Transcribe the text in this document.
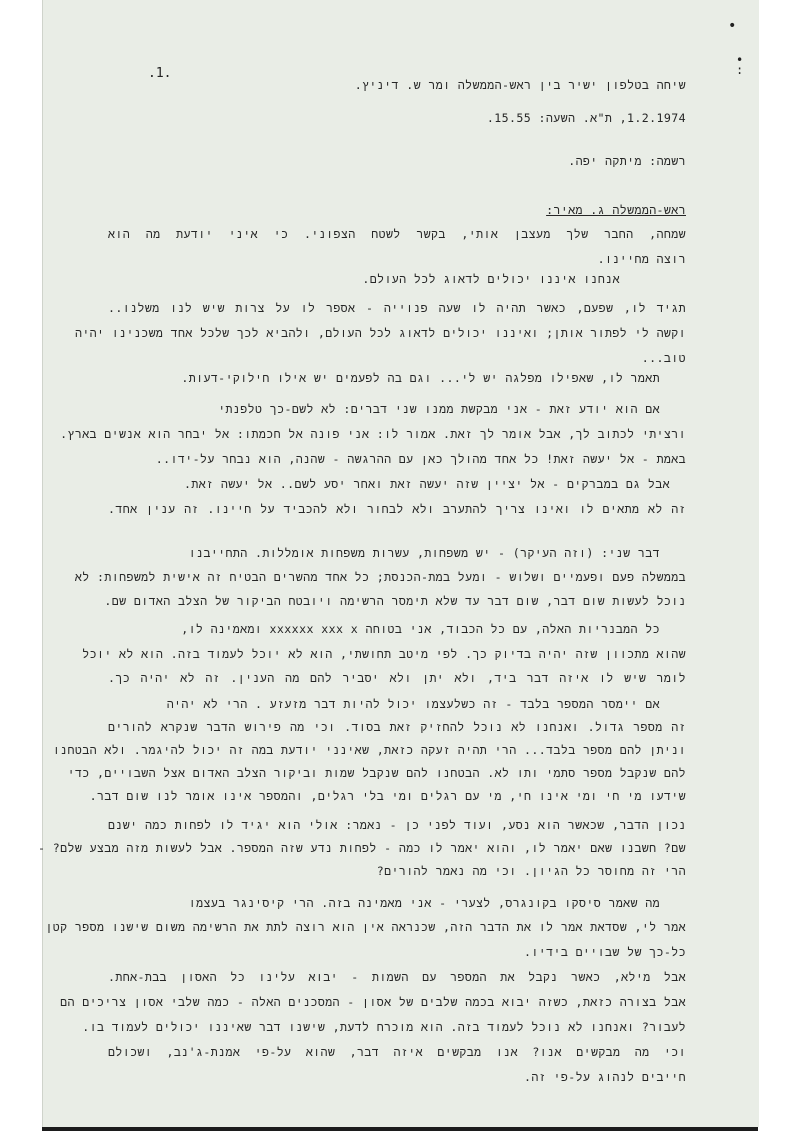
•
•
:
.1.
שיחה בטלפון ישיר בין ראש-הממשלה ומר ש. דיניץ.
1.2.1974, ת"א. השעה: 15.55.
רשמה: מיתקה יפה.
ראש-הממשלה ג. מאיר:
שמחה, החבר שלך מעצבן אותי, בקשר לשטח הצפוני. כי איני יודעת מה הוא
רוצה מחיינו.
אנחנו איננו יכולים לדאוג לכל העולם.
תגיד לו, שפעם, כאשר תהיה לו שעה פנוייה - אספר לו על צרות שיש לנו משלנו..
וקשה לי לפתור אותן; ואיננו יכולים לדאוג לכל העולם, ולהביא לכך שלכל אחד משכנינו יהיה
טוב...
תאמר לו, שאפילו מפלגה יש לי... וגם בה לפעמים יש אילו חילוקי-דעות.
אם הוא יודע זאת - אני מבקשת ממנו שני דברים: לא לשם-כך טלפנתי
ורציתי לכתוב לך, אבל אומר לך זאת. אמור לו: אני פונה אל חכמתו: אל יבחר הוא אנשים בארץ.
באמת - אל יעשה זאת! כל אחד מהולך כאן עם ההרגשה - שהנה, הוא נבחר על-ידו..
אבל גם במברקים - אל יציין שזה יעשה זאת ואחר יסע לשם.. אל יעשה זאת.
זה לא מתאים לו ואינו צריך להתערב ולא לבחור ולא להכביד על חיינו. זה ענין אחד.
דבר שני: (וזה העיקר) - יש משפחות, עשרות משפחות אומללות. התחייבנו
בממשלה פעם ופעמיים ושלוש - ומעל במת-הכנסת; כל אחד מהשרים הבטיח זה אישית למשפחות: לא
נוכל לעשות שום דבר, שום דבר עד שלא תימסר הרשימה ויובטח הביקור של הצלב האדום שם.
כל המבנריות האלה, עם כל הכבוד, אני בטוחה xxxxxx xxx x ומאמינה לו,
שהוא מתכוון שזה יהיה בדיוק כך. לפי מיטב תחושתי, הוא לא יוכל לעמוד בזה. הוא לא יוכל
לומר שיש לו איזה דבר ביד, ולא יתן ולא יסביר להם מה הענין. זה לא יהיה כך.
אם יימסר המספר בלבד - זה כשלעצמו יכול להיות דבר מזעזע . הרי לא יהיה
זה מספר גדול. ואנחנו לא נוכל להחזיק זאת בסוד. וכי מה פירוש הדבר שנקרא להורים
וניתן להם מספר בלבד... הרי תהיה זעקה כזאת, שאינני יודעת במה זה יכול להיגמר. ולא הבטחנו
להם שנקבל מספר סתמי ותו לא. הבטחנו להם שנקבל שמות וביקור הצלב האדום אצל השבויים, כדי
שידעו מי חי ומי אינו חי, מי עם רגלים ומי בלי רגלים, והמספר אינו אומר לנו שום דבר.
נכון הדבר, שכאשר הוא נסע, ועוד לפני כן - נאמר: אולי הוא יגיד לו לפחות כמה ישנם
שם? חשבנו שאם יאמר לו, והוא יאמר לו כמה - לפחות נדע שזה המספר. אבל לעשות מזה מבצע שלם? -
הרי זה מחוסר כל הגיון. וכי מה נאמר להורים?
מה שאמר סיסקו בקונגרס, לצערי - אני מאמינה בזה. הרי קיסינגר בעצמו
אמר לי, שסדאת אמר לו את הדבר הזה, שכנראה אין הוא רוצה לתת את הרשימה משום שישנו מספר קטן
כל-כך של שבויים בידיו.
אבל מילא, כאשר נקבל את המספר עם השמות - יבוא עלינו כל האסון בבת-אחת.
אבל בצורה כזאת, כשזה יבוא בכמה שלבים של אסון - המסכנים האלה - כמה שלבי אסון צריכים הם
לעבור? ואנחנו לא נוכל לעמוד בזה. הוא מוכרח לדעת, שישנו דבר שאיננו יכולים לעמוד בו.
וכי מה מבקשים אנו? אנו מבקשים איזה דבר, שהוא על-פי אמנת-ג'נב, ושכולם
חייבים לנהוג על-פי זה.
